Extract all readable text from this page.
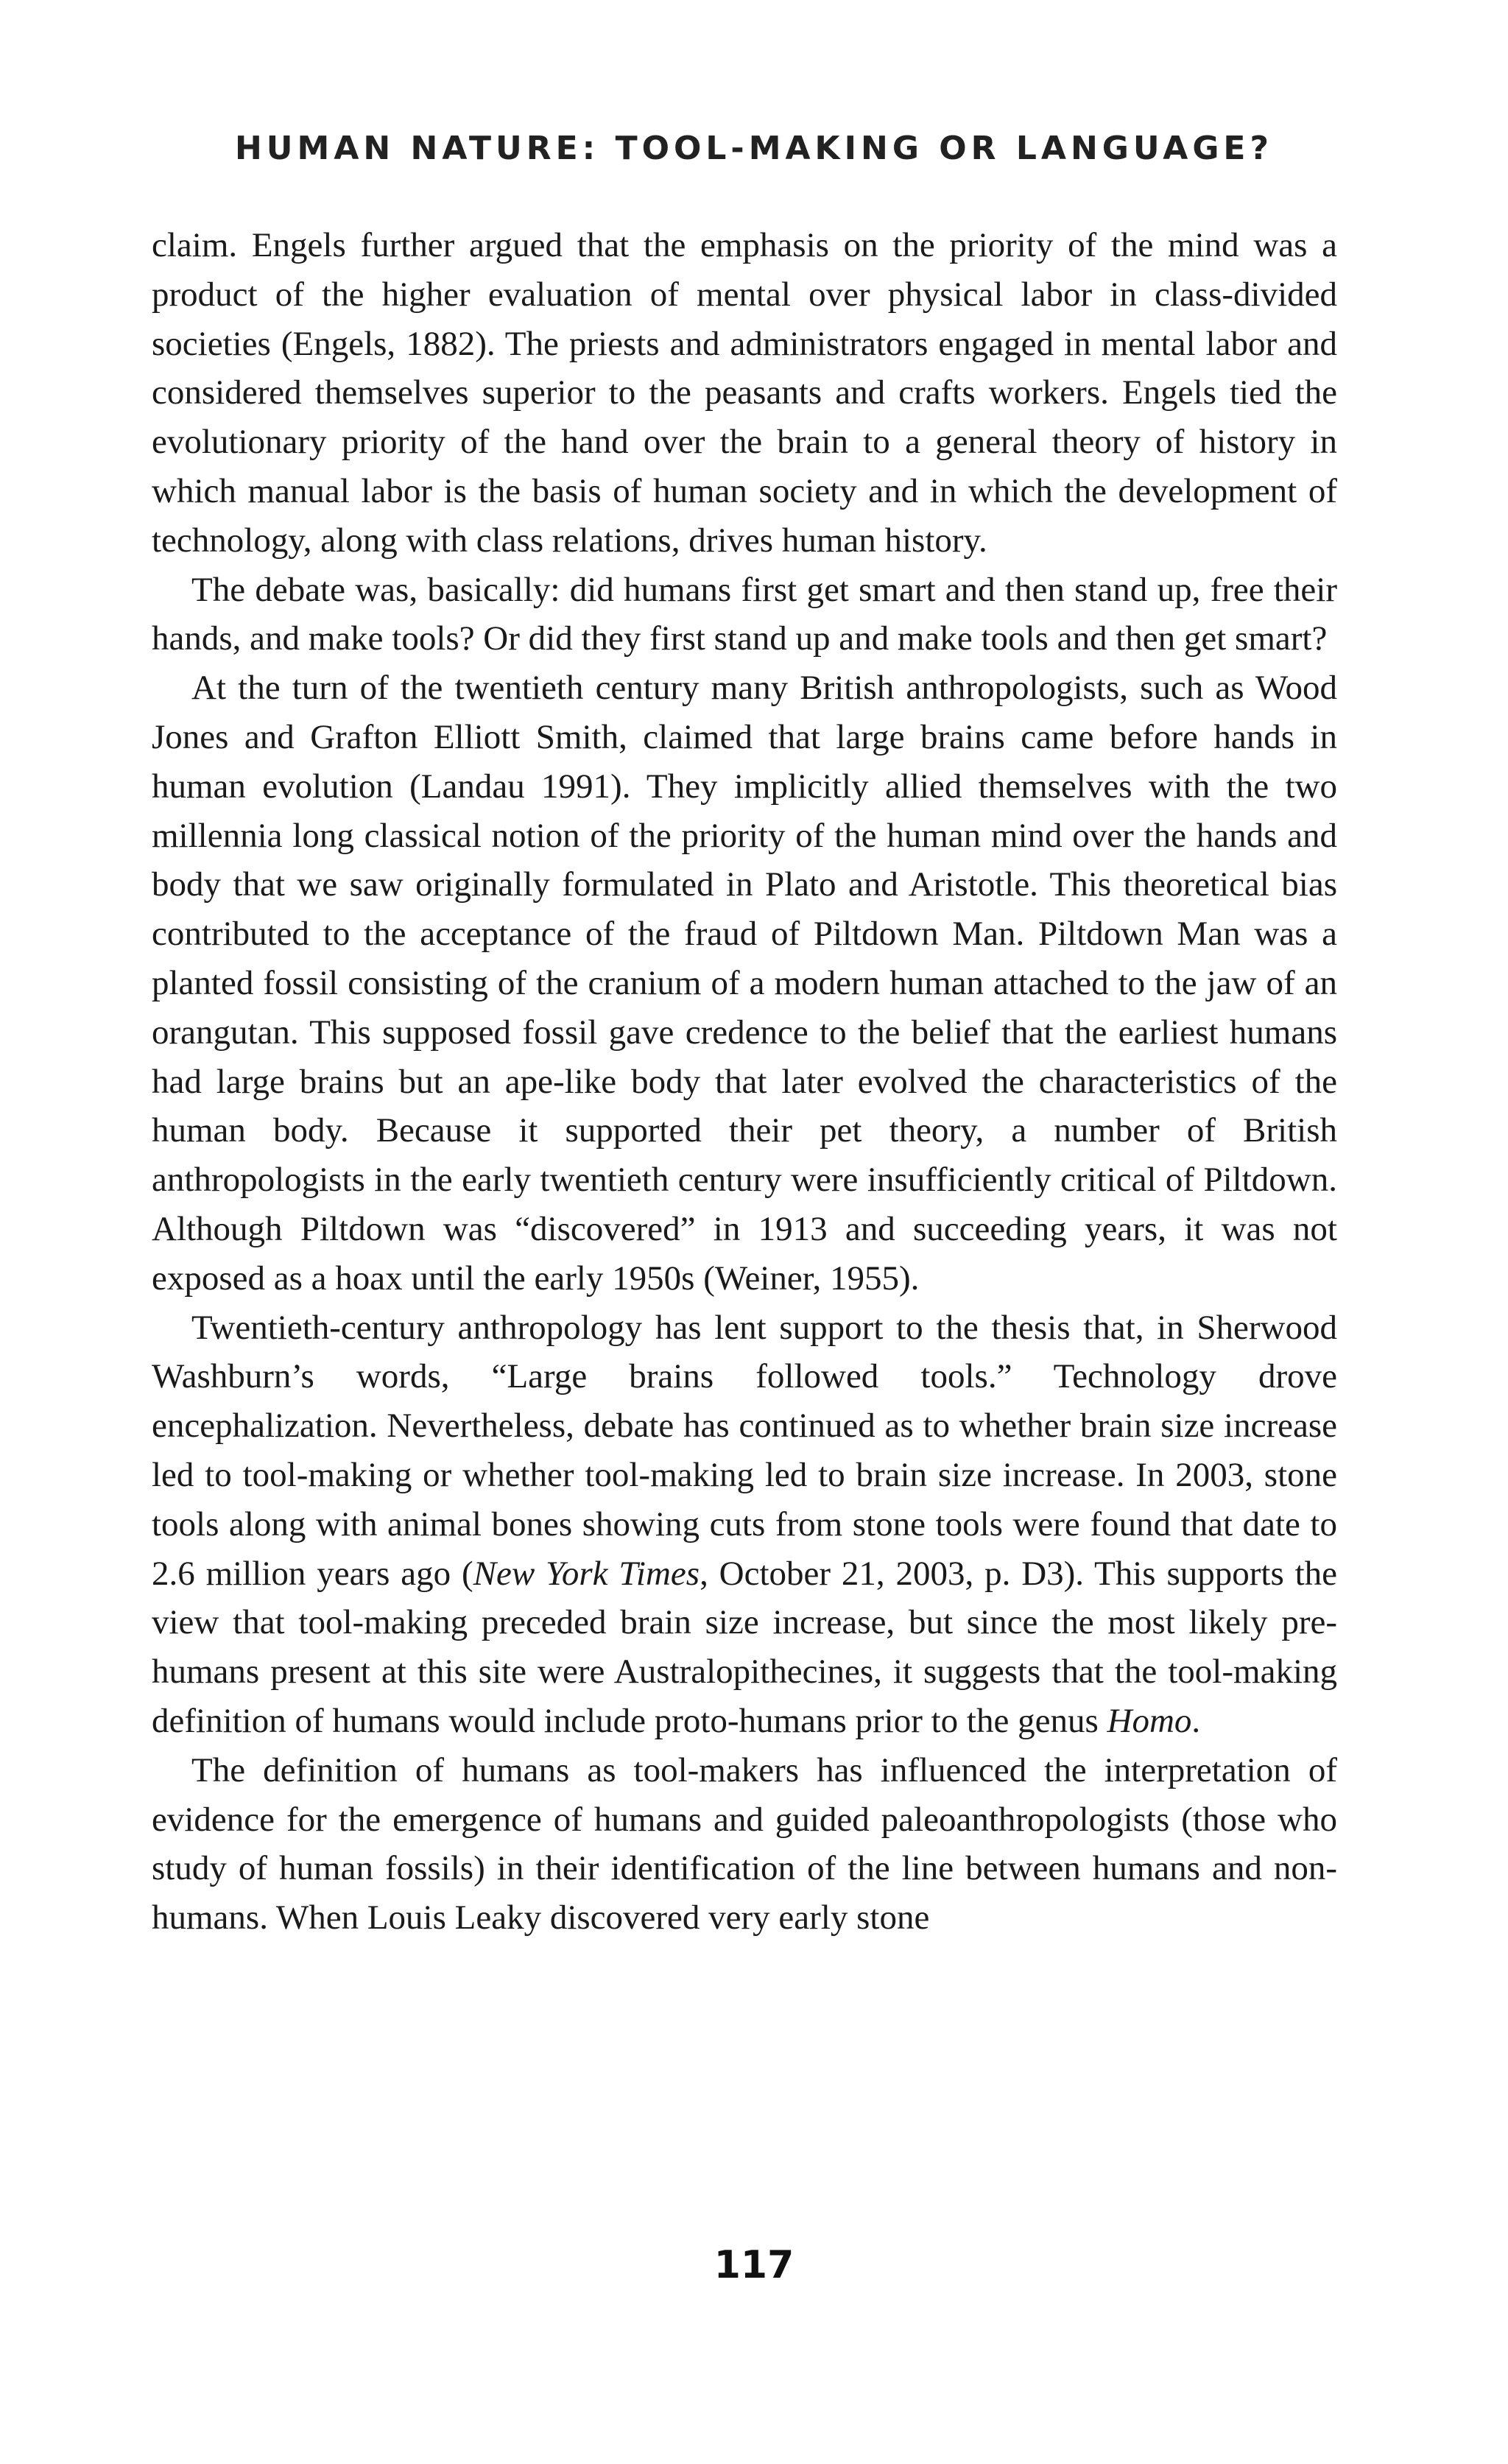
HUMAN NATURE: TOOL-MAKING OR LANGUAGE?

claim. Engels further argued that the emphasis on the priority of the mind was a product of the higher evaluation of mental over physical labor in class-divided societies (Engels, 1882). The priests and administrators engaged in mental labor and considered themselves superior to the peasants and crafts workers. Engels tied the evolutionary priority of the hand over the brain to a general theory of history in which manual labor is the basis of human society and in which the development of technology, along with class relations, drives human history.

The debate was, basically: did humans first get smart and then stand up, free their hands, and make tools? Or did they first stand up and make tools and then get smart?

At the turn of the twentieth century many British anthropologists, such as Wood Jones and Grafton Elliott Smith, claimed that large brains came before hands in human evolution (Landau 1991). They implicitly allied themselves with the two millennia long classical notion of the priority of the human mind over the hands and body that we saw originally formulated in Plato and Aristotle. This theoretical bias contributed to the acceptance of the fraud of Piltdown Man. Piltdown Man was a planted fossil consisting of the cranium of a modern human attached to the jaw of an orangutan. This supposed fossil gave credence to the belief that the earliest humans had large brains but an ape-like body that later evolved the characteristics of the human body. Because it supported their pet theory, a number of British anthropologists in the early twentieth century were insufficiently critical of Piltdown. Although Piltdown was “discovered” in 1913 and succeeding years, it was not exposed as a hoax until the early 1950s (Weiner, 1955).

Twentieth-century anthropology has lent support to the thesis that, in Sherwood Washburn’s words, “Large brains followed tools.” Technology drove encephalization. Nevertheless, debate has continued as to whether brain size increase led to tool-making or whether tool-making led to brain size increase. In 2003, stone tools along with animal bones showing cuts from stone tools were found that date to 2.6 million years ago (New York Times, October 21, 2003, p. D3). This supports the view that tool-making preceded brain size increase, but since the most likely pre-humans present at this site were Australopithecines, it suggests that the tool-making definition of humans would include proto-humans prior to the genus Homo.

The definition of humans as tool-makers has influenced the interpretation of evidence for the emergence of humans and guided paleoanthropologists (those who study of human fossils) in their identification of the line between humans and non-humans. When Louis Leaky discovered very early stone

117
